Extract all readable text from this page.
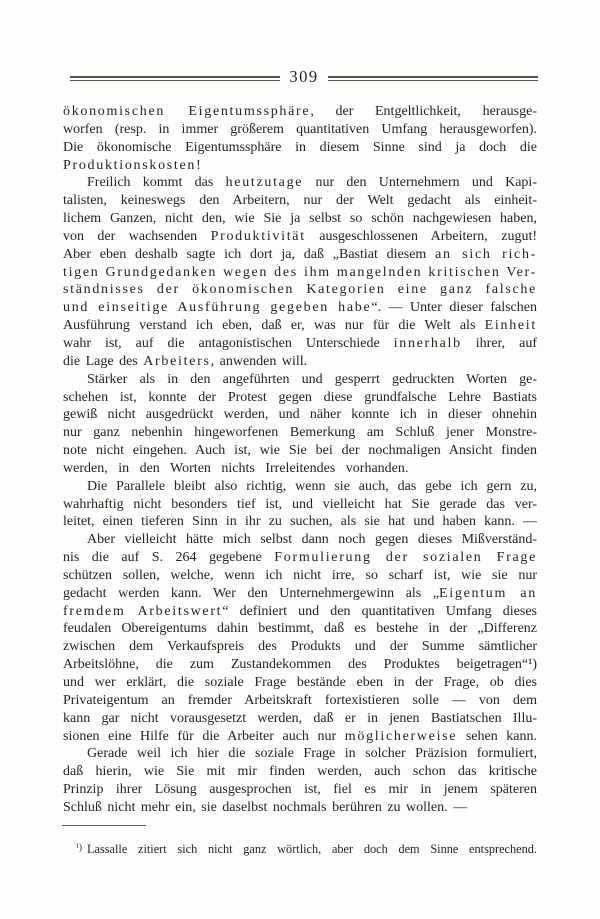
309
ökonomischen Eigentumssphäre, der Entgeltlichkeit, herausge-
worfen (resp. in immer größerem quantitativen Umfang herausgeworfen).
Die ökonomische Eigentumssphäre in diesem Sinne sind ja doch die
Produktionskosten!
Freilich kommt das heutzutage nur den Unternehmern und Kapi-
talisten, keineswegs den Arbeitern, nur der Welt gedacht als einheit-
lichem Ganzen, nicht den, wie Sie ja selbst so schön nachgewiesen haben,
von der wachsenden Produktivität ausgeschlossenen Arbeitern, zugut!
Aber eben deshalb sagte ich dort ja, daß „Bastiat diesem an sich rich-
tigen Grundgedanken wegen des ihm mangelnden kritischen Ver-
ständnisses der ökonomischen Kategorien eine ganz falsche
und einseitige Ausführung gegeben habe“. — Unter dieser falschen
Ausführung verstand ich eben, daß er, was nur für die Welt als Einheit
wahr ist, auf die antagonistischen Unterschiede innerhalb ihrer, auf
die Lage des Arbeiters, anwenden will.
Stärker als in den angeführten und gesperrt gedruckten Worten ge-
schehen ist, konnte der Protest gegen diese grundfalsche Lehre Bastiats
gewiß nicht ausgedrückt werden, und näher konnte ich in dieser ohnehin
nur ganz nebenhin hingeworfenen Bemerkung am Schluß jener Monstre-
note nicht eingehen. Auch ist, wie Sie bei der nochmaligen Ansicht finden
werden, in den Worten nichts Irreleitendes vorhanden.
Die Parallele bleibt also richtig, wenn sie auch, das gebe ich gern zu,
wahrhaftig nicht besonders tief ist, und vielleicht hat Sie gerade das ver-
leitet, einen tieferen Sinn in ihr zu suchen, als sie hat und haben kann. —
Aber vielleicht hätte mich selbst dann noch gegen dieses Mißverständ-
nis die auf S. 264 gegebene Formulierung der sozialen Frage
schützen sollen, welche, wenn ich nicht irre, so scharf ist, wie sie nur
gedacht werden kann. Wer den Unternehmergewinn als „Eigentum an
fremdem Arbeitswert“ definiert und den quantitativen Umfang dieses
feudalen Obereigentums dahin bestimmt, daß es bestehe in der „Differenz
zwischen dem Verkaufspreis des Produkts und der Summe sämtlicher
Arbeitslöhne, die zum Zustandekommen des Produktes beigetragen“¹)
und wer erklärt, die soziale Frage bestände eben in der Frage, ob dies
Privateigentum an fremder Arbeitskraft fortexistieren solle — von dem
kann gar nicht vorausgesetzt werden, daß er in jenen Bastiatschen Illu-
sionen eine Hilfe für die Arbeiter auch nur möglicherweise sehen kann.
Gerade weil ich hier die soziale Frage in solcher Präzision formuliert,
daß hierin, wie Sie mit mir finden werden, auch schon das kritische
Prinzip ihrer Lösung ausgesprochen ist, fiel es mir in jenem späteren
Schluß nicht mehr ein, sie daselbst nochmals berühren zu wollen. —
$^{^1)}$ Lassalle zitiert sich nicht ganz wörtlich, aber doch dem Sinne entsprechend.
